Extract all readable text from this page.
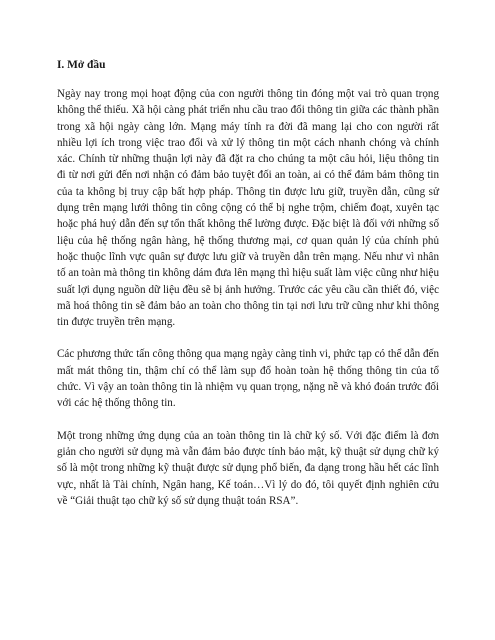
I. Mở đầu

Ngày nay trong mọi hoạt động của con người thông tin đóng một vai trò quan trọng không thể thiếu. Xã hội càng phát triển nhu cầu trao đổi thông tin giữa các thành phần trong xã hội ngày càng lớn. Mạng máy tính ra đời đã mang lại cho con người rất nhiều lợi ích trong việc trao đổi và xử lý thông tin một cách nhanh chóng và chính xác. Chính từ những thuận lợi này đã đặt ra cho chúng ta một câu hỏi, liệu thông tin đi từ nơi gửi đến nơi nhận có đảm bảo tuyệt đối an toàn, ai có thể đảm bảm thông tin của ta không bị truy cập bất hợp pháp. Thông tin được lưu giữ, truyền dẫn, cũng sử dụng trên mạng lưới thông tin công cộng có thể bị nghe trộm, chiếm đoạt, xuyên tạc hoặc phá huỷ dẫn đến sự tổn thất không thể lường được. Đặc biệt là đối với những số liệu của hệ thống ngân hàng, hệ thống thương mại, cơ quan quản lý của chính phủ hoặc thuộc lĩnh vực quân sự được lưu giữ và truyền dẫn trên mạng. Nếu như vì nhân tố an toàn mà thông tin không dám đưa lên mạng thì hiệu suất làm việc cũng như hiệu suất lợi dụng nguồn dữ liệu đều sẽ bị ảnh hưởng. Trước các yêu cầu cần thiết đó, việc mã hoá thông tin sẽ đảm bảo an toàn cho thông tin tại nơi lưu trữ cũng như khi thông tin được truyền trên mạng.

Các phương thức tấn công thông qua mạng ngày càng tinh vi, phức tạp có thể dẫn đến mất mát thông tin, thậm chí có thể làm sụp đổ hoàn toàn hệ thống thông tin của tổ chức. Vì vậy an toàn thông tin là nhiệm vụ quan trọng, nặng nề và khó đoán trước đối với các hệ thống thông tin.

Một trong những ứng dụng của an toàn thông tin là chữ ký số. Với đặc điểm là đơn giản cho người sử dụng mà vẫn đảm bảo được tính bảo mật, kỹ thuật sử dụng chữ ký số là một trong những kỹ thuật được sử dụng phổ biến, đa dạng trong hầu hết các lĩnh vực, nhất là Tài chính, Ngân hang, Kế toán…Vì lý do đó, tôi quyết định nghiên cứu về “Giải thuật tạo chữ ký số sử dụng thuật toán RSA”.
